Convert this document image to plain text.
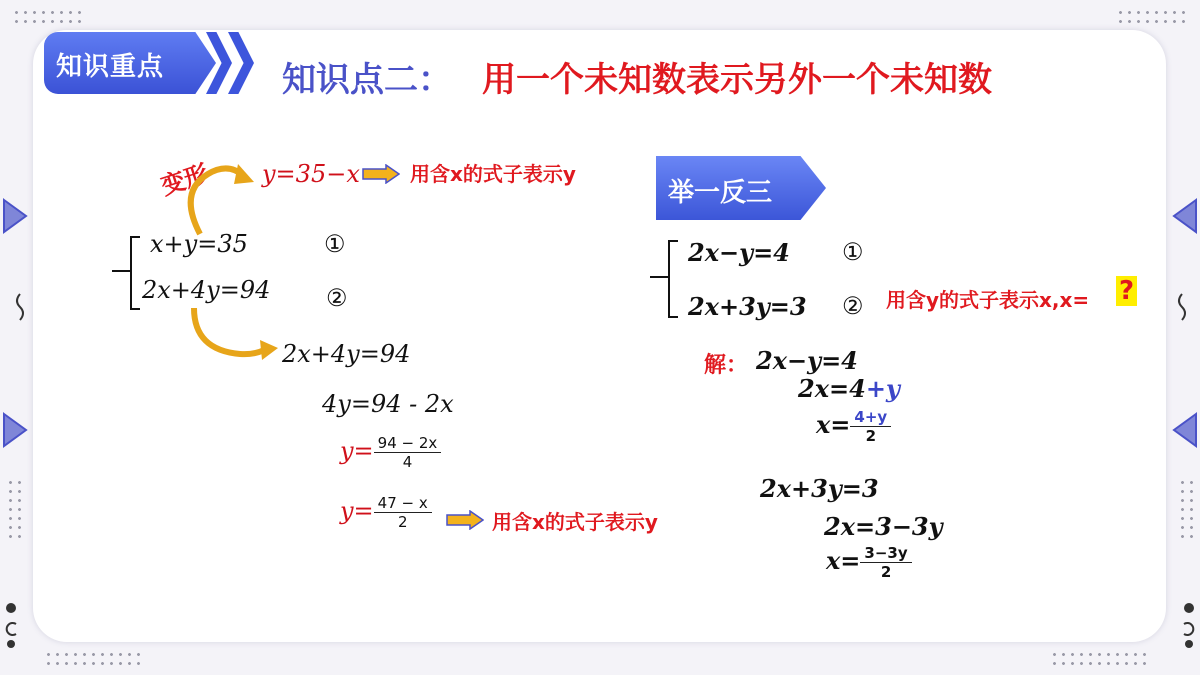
知识重点	知识点二： 用一个未知数表示另外一个未知数
变形 y=35−x	用含x的式子表示y
x+y=35	①
2x+4y=94 ②
2x+4y=94
4y=94 - 2x
$y= \frac{94 - 2x}{4}$
$y= \frac{47 - x}{2}$	用含x的式子表示y
举一反三
2x−y=4 ①
2x+3y=3 ② 用含y的式子表示x,x= ?
解： 2x−y=4
2x=4+y
$x= \frac{4+y}{2}$
2x+3y=3
2x=3−3y
$x= \frac{3-3y}{2}$
